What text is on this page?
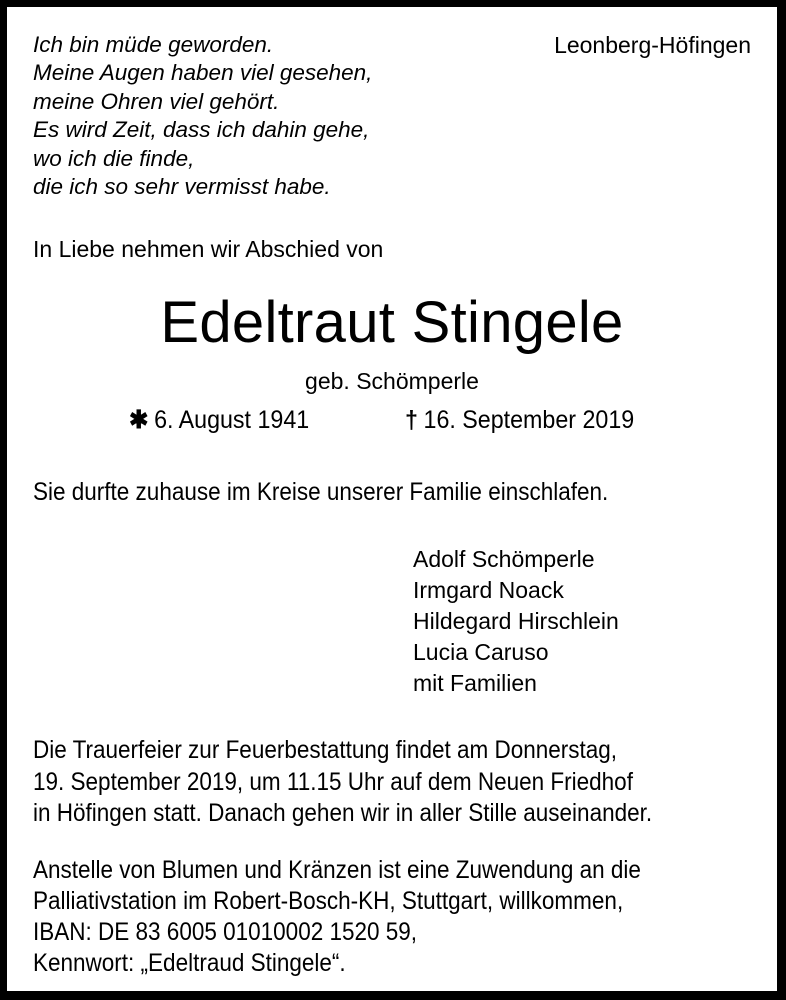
Ich bin müde geworden.
Meine Augen haben viel gesehen,
meine Ohren viel gehört.
Es wird Zeit, dass ich dahin gehe,
wo ich die finde,
die ich so sehr vermisst habe.
Leonberg-Höfingen
In Liebe nehmen wir Abschied von
Edeltraut Stingele
geb. Schömperle
✱ 6. August 1941	† 16. September 2019
Sie durfte zuhause im Kreise unserer Familie einschlafen.
Adolf Schömperle
Irmgard Noack
Hildegard Hirschlein
Lucia Caruso
mit Familien
Die Trauerfeier zur Feuerbestattung findet am Donnerstag,
19. September 2019, um 11.15 Uhr auf dem Neuen Friedhof
in Höfingen statt. Danach gehen wir in aller Stille auseinander.
Anstelle von Blumen und Kränzen ist eine Zuwendung an die
Palliativstation im Robert-Bosch-KH, Stuttgart, willkommen,
IBAN: DE 83 6005 01010002 1520 59,
Kennwort: „Edeltraud Stingele“.
